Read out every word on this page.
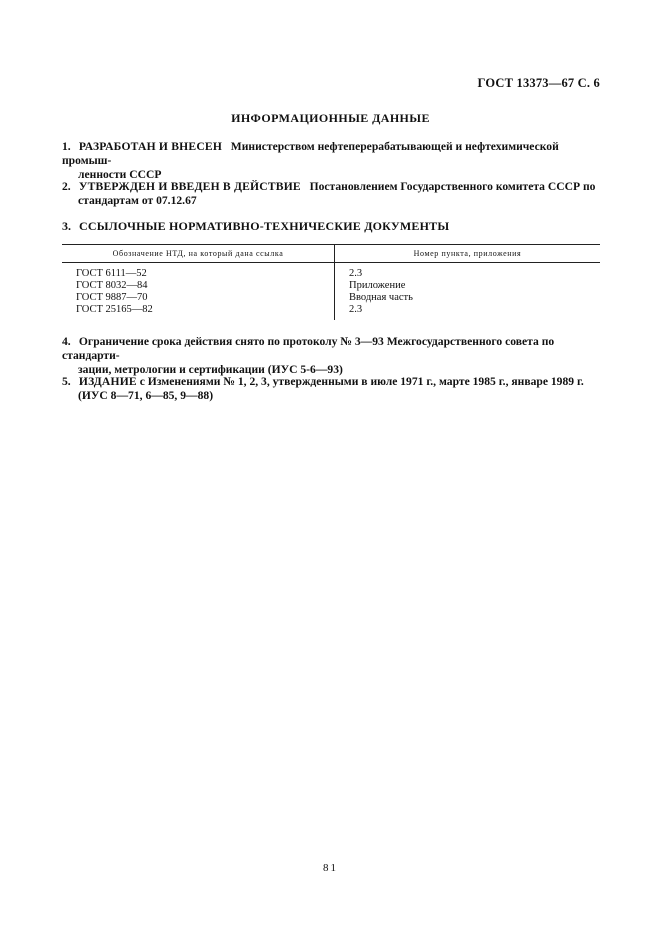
ГОСТ 13373—67 С. 6
ИНФОРМАЦИОННЫЕ ДАННЫЕ
1. РАЗРАБОТАН И ВНЕСЕН Министерством нефтеперерабатывающей и нефтехимической промыш-
ленности СССР
2. УТВЕРЖДЕН И ВВЕДЕН В ДЕЙСТВИЕ Постановлением Государственного комитета СССР по
стандартам от 07.12.67
3. ССЫЛОЧНЫЕ НОРМАТИВНО-ТЕХНИЧЕСКИЕ ДОКУМЕНТЫ
Обозначение НТД, на который дана ссылка	Номер пункта, приложения
ГОСТ 6111—52	2.3
ГОСТ 8032—84	Приложение
ГОСТ 9887—70	Вводная часть
ГОСТ 25165—82	2.3
4. Ограничение срока действия снято по протоколу № 3—93 Межгосударственного совета по стандарти-
зации, метрологии и сертификации (ИУС 5-6—93)
5. ИЗДАНИЕ с Изменениями № 1, 2, 3, утвержденными в июле 1971 г., марте 1985 г., январе 1989 г.
(ИУС 8—71, 6—85, 9—88)
81
